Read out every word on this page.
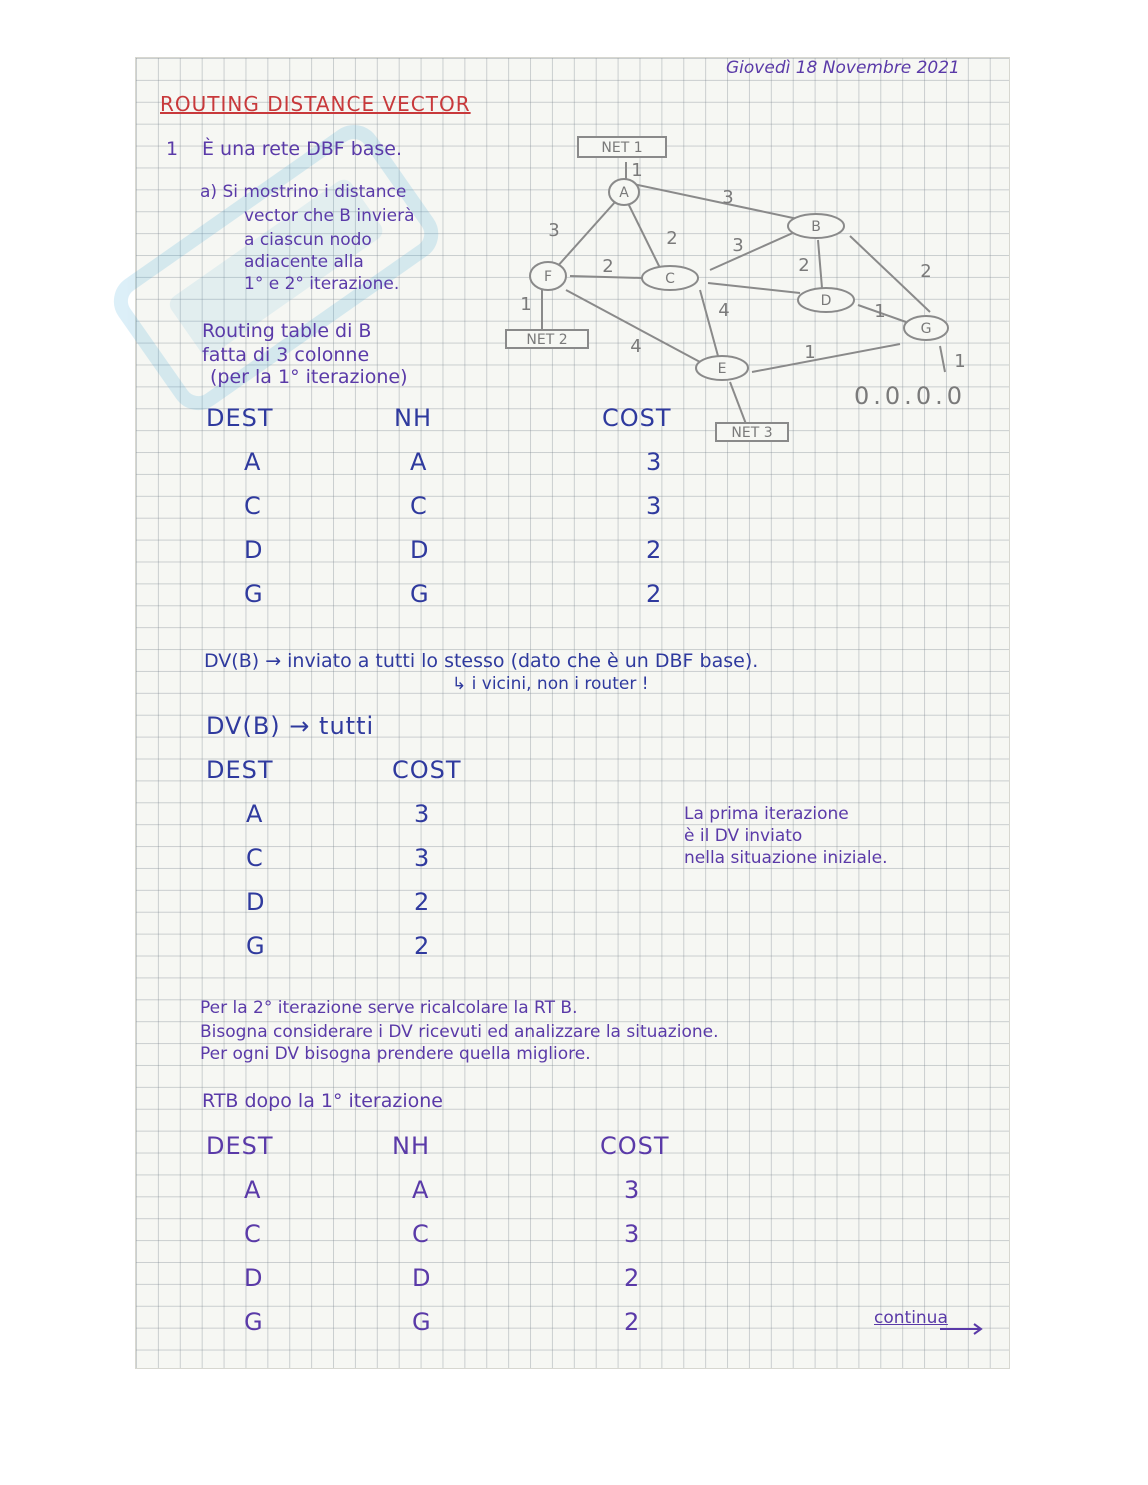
Giovedì 18 Novembre 2021
ROUTING DISTANCE VECTOR
1 È una rete DBF base.
a) Si mostrino i distance
vector che B invierà
a ciascun nodo
adiacente alla
1° e 2° iterazione.
Routing table di B
fatta di 3 colonne
(per la 1° iterazione)
A
B
C
D
E
F
G
NET 1
NET 2
NET 3
1
3
3	2	3
2	2	2
1
4
4	1
1
1
0.0.0.0
DEST	NH	COST
A	A	3
C	C	3
D	D	2
G	G	2
DV(B) → inviato a tutti lo stesso (dato che è un DBF base).
↳ i vicini, non i router !
DV(B) → tutti
DEST	COST
A	3
C	3
D	2
G	2
La prima iterazione
è il DV inviato
nella situazione iniziale.
Per la 2° iterazione serve ricalcolare la RT B.
Bisogna considerare i DV ricevuti ed analizzare la situazione.
Per ogni DV bisogna prendere quella migliore.
RTB dopo la 1° iterazione
DEST	NH	COST
A	A	3
C	C	3
D	D	2
G	G	2	continua
